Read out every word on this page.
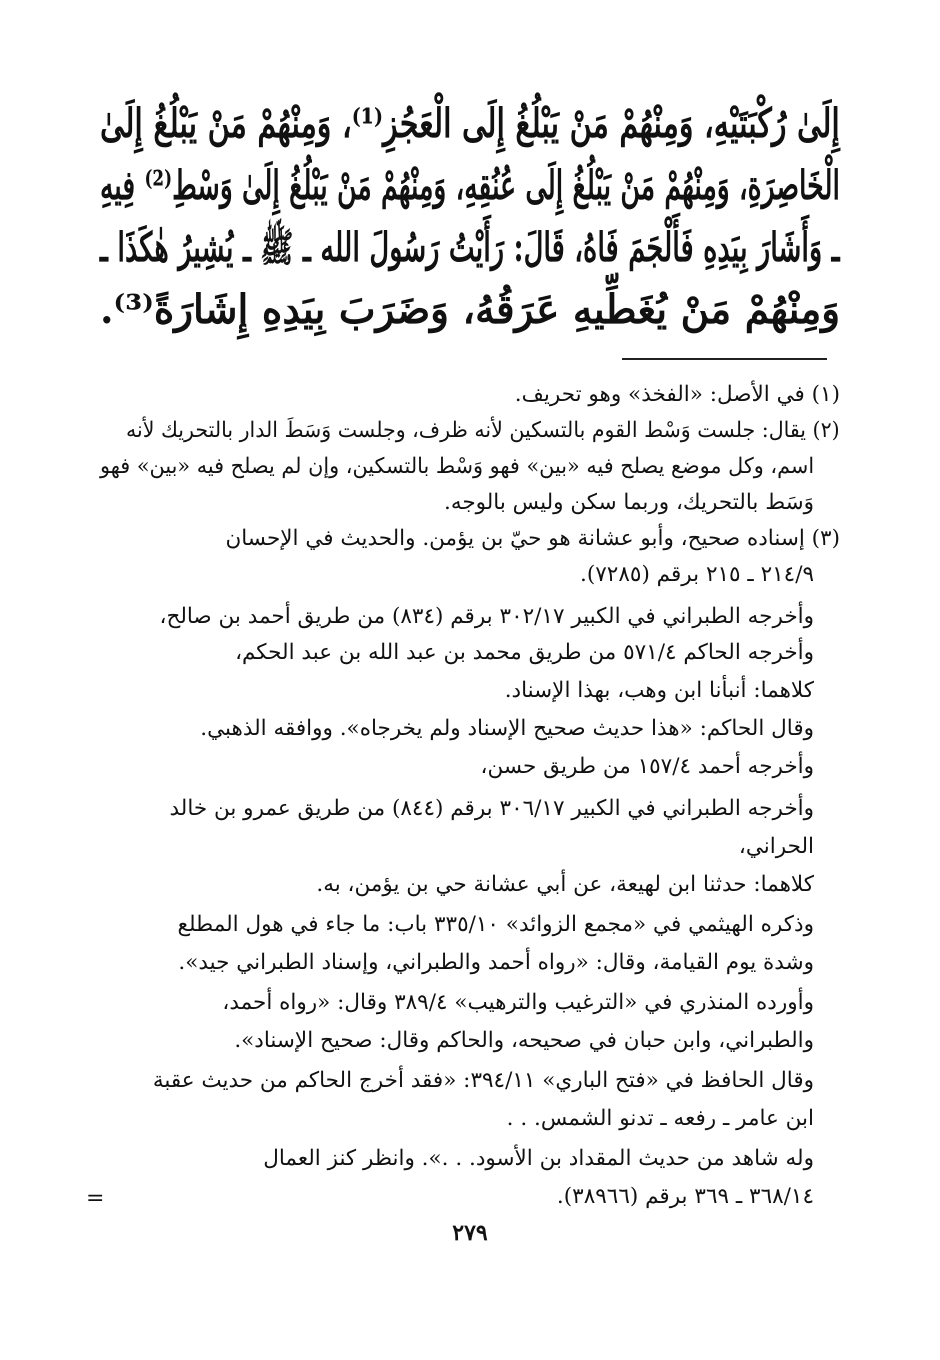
إِلَىٰ رُكْبَتَيْهِ، وَمِنْهُمْ مَنْ يَبْلُغُ إِلَى الْعَجُزِ⁽¹⁾، وَمِنْهُمْ مَنْ يَبْلُغُ إِلَىٰ
الْخَاصِرَةِ، وَمِنْهُمْ مَنْ يَبْلُغُ إِلَى عُنُقِهِ، وَمِنْهُمْ مَنْ يَبْلُغُ إِلَىٰ وَسْطِ⁽²⁾ فِيهِ
ـ وَأَشَارَ بِيَدِهِ فَأَلْجَمَ فَاهُ، قَالَ: رَأَيْتُ رَسُولَ الله ـ ﷺ ـ يُشِيرُ هٰكَذَا ـ
وَمِنْهُمْ مَنْ يُغَطِّيهِ عَرَقُهُ، وَضَرَبَ بِيَدِهِ إِشَارَةً⁽³⁾.
(١) في الأصل: «الفخذ» وهو تحريف.
(٢) يقال: جلست وَسْط القوم بالتسكين لأنه ظرف، وجلست وَسَطَ الدار بالتحريك لأنه
اسم، وكل موضع يصلح فيه «بين» فهو وَسْط بالتسكين، وإن لم يصلح فيه «بين» فهو
وَسَط بالتحريك، وربما سكن وليس بالوجه.
(٣) إسناده صحيح، وأبو عشانة هو حيّ بن يؤمن. والحديث في الإحسان
٢١٤/٩ ـ ٢١٥ برقم (٧٢٨٥).
وأخرجه الطبراني في الكبير ٣٠٢/١٧ برقم (٨٣٤) من طريق أحمد بن صالح،
وأخرجه الحاكم ٥٧١/٤ من طريق محمد بن عبد الله بن عبد الحكم،
كلاهما: أنبأنا ابن وهب، بهذا الإسناد.
وقال الحاكم: «هذا حديث صحيح الإسناد ولم يخرجاه». ووافقه الذهبي.
وأخرجه أحمد ١٥٧/٤ من طريق حسن،
وأخرجه الطبراني في الكبير ٣٠٦/١٧ برقم (٨٤٤) من طريق عمرو بن خالد
الحراني،
كلاهما: حدثنا ابن لهيعة، عن أبي عشانة حي بن يؤمن، به.
وذكره الهيثمي في «مجمع الزوائد» ٣٣٥/١٠ باب: ما جاء في هول المطلع
وشدة يوم القيامة، وقال: «رواه أحمد والطبراني، وإسناد الطبراني جيد».
وأورده المنذري في «الترغيب والترهيب» ٣٨٩/٤ وقال: «رواه أحمد،
والطبراني، وابن حبان في صحيحه، والحاكم وقال: صحيح الإسناد».
وقال الحافظ في «فتح الباري» ٣٩٤/١١: «فقد أخرج الحاكم من حديث عقبة
ابن عامر ـ رفعه ـ تدنو الشمس. . .
وله شاهد من حديث المقداد بن الأسود. . .». وانظر كنز العمال
٣٦٨/١٤ ـ ٣٦٩ برقم (٣٨٩٦٦).
=
٢٧٩
